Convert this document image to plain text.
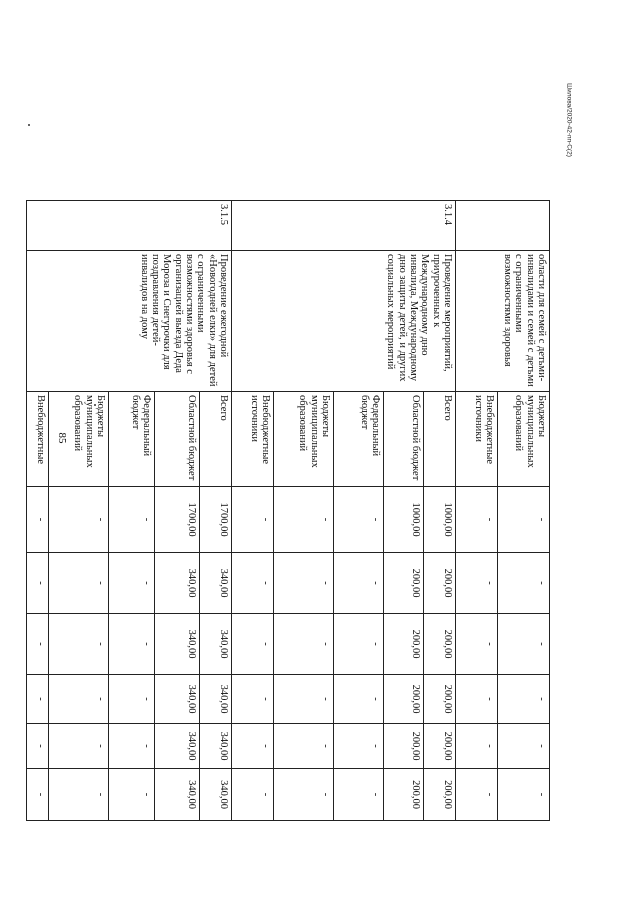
85
Шилова/2020-42-пп-C(2)
	области для семей с детьми-инвалидами и семей с детьми с ограниченными возможностями здоровья	Бюджеты муниципальных образований	-	-	-	-	-	-
		Внебюджетные источники	-	-	-	-	-	-
3.1.4	Проведение мероприятий, приуроченных к Международному дню инвалида, Международному дню защиты детей, и других социальных мероприятий	Всего	1000,00	200,00	200,00	200,00	200,00	200,00
		Областной бюджет	1000,00	200,00	200,00	200,00	200,00	200,00
		Федеральный бюджет	-	-	-	-	-	-
		Бюджеты муниципальных образований	-	-	-	-	-	-
		Внебюджетные источники	-	-	-	-	-	-
3.1.5	Проведение ежегодной «Новогодней елки» для детей с ограниченными возможностями здоровья с организацией выезда Деда Мороза и Снегурочки для поздравления детей-инвалидов на дому	Всего	1700,00	340,00	340,00	340,00	340,00	340,00
		Областной бюджет	1700,00	340,00	340,00	340,00	340,00	340,00
		Федеральный бюджет	-	-	-	-	-	-
		Бюджеты муниципальных образований	-	-	-	-	-	-
		Внебюджетные	-	-	-	-	-	-
